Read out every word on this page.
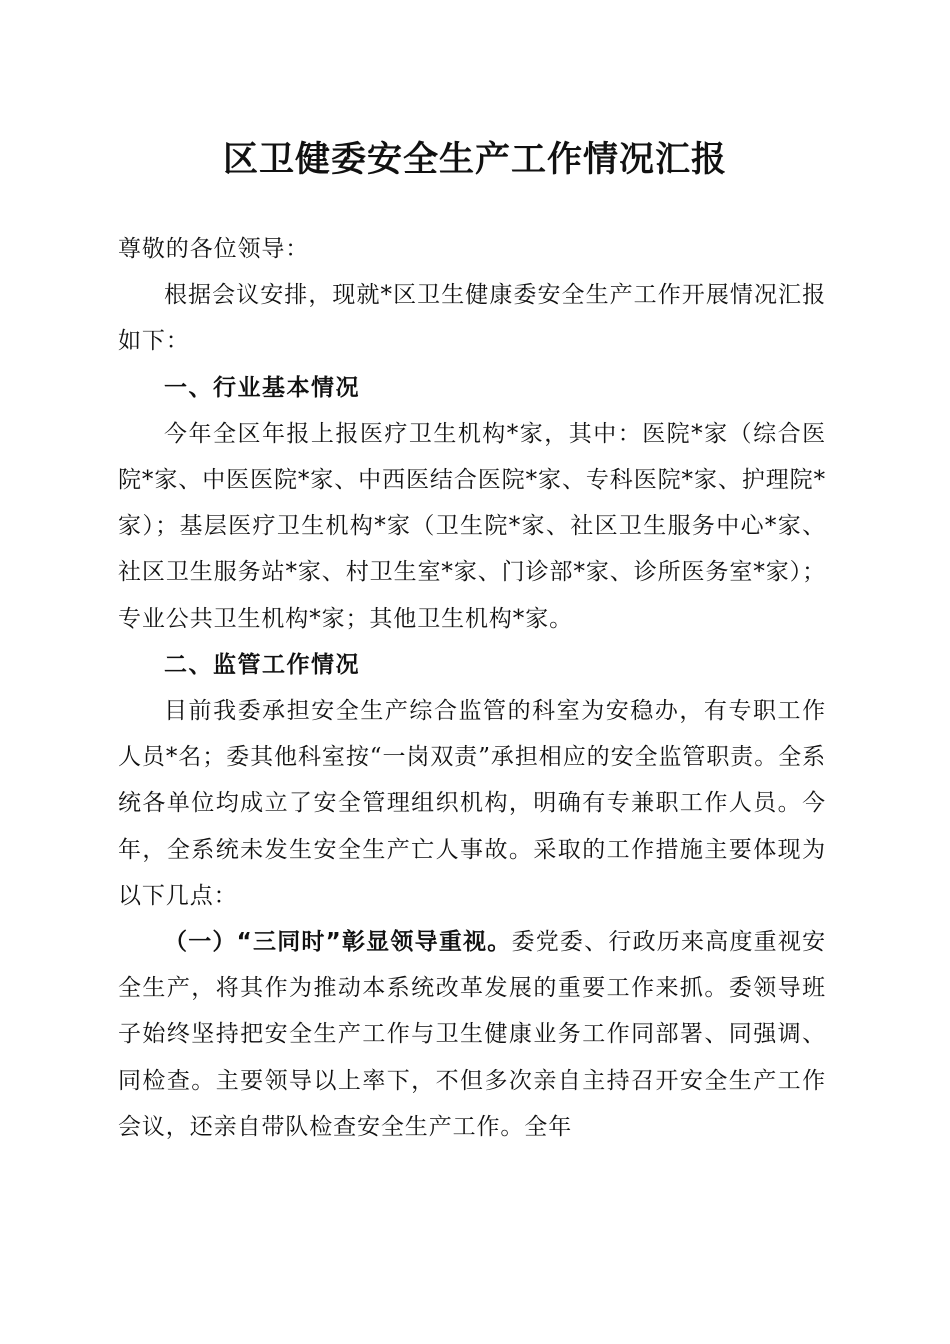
区卫健委安全生产工作情况汇报

尊敬的各位领导：

根据会议安排，现就*区卫生健康委安全生产工作开展情况汇报如下：

一、行业基本情况

今年全区年报上报医疗卫生机构*家，其中：医院*家（综合医院*家、中医医院*家、中西医结合医院*家、专科医院*家、护理院*家）；基层医疗卫生机构*家（卫生院*家、社区卫生服务中心*家、社区卫生服务站*家、村卫生室*家、门诊部*家、诊所医务室*家）；专业公共卫生机构*家；其他卫生机构*家。

二、监管工作情况

目前我委承担安全生产综合监管的科室为安稳办，有专职工作人员*名；委其他科室按“一岗双责”承担相应的安全监管职责。全系统各单位均成立了安全管理组织机构，明确有专兼职工作人员。今年，全系统未发生安全生产亡人事故。采取的工作措施主要体现为以下几点：

（一）“三同时”彰显领导重视。委党委、行政历来高度重视安全生产，将其作为推动本系统改革发展的重要工作来抓。委领导班子始终坚持把安全生产工作与卫生健康业务工作同部署、同强调、同检查。主要领导以上率下，不但多次亲自主持召开安全生产工作会议，还亲自带队检查安全生产工作。全年
